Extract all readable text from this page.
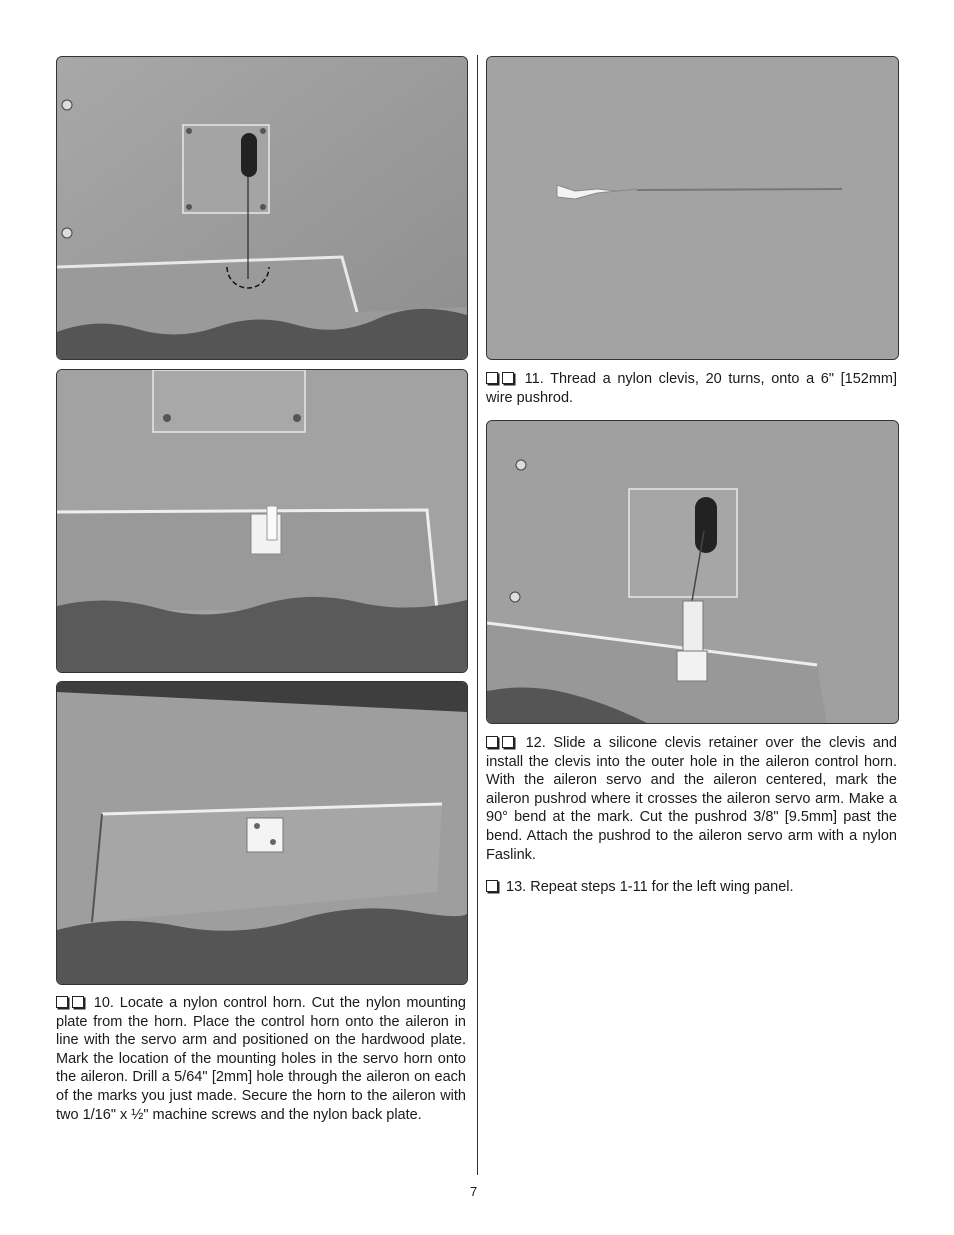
10. Locate a nylon control horn. Cut the nylon mounting plate from the horn. Place the control horn onto the aileron in line with the servo arm and positioned on the hardwood plate. Mark the location of the mounting holes in the servo horn onto the aileron. Drill a 5/64" [2mm] hole through the aileron on each of the marks you just made. Secure the horn to the aileron with two 1/16" x ½" machine screws and the nylon back plate.

11. Thread a nylon clevis, 20 turns, onto a 6" [152mm] wire pushrod.

12. Slide a silicone clevis retainer over the clevis and install the clevis into the outer hole in the aileron control horn. With the aileron servo and the aileron centered, mark the aileron pushrod where it crosses the aileron servo arm. Make a 90° bend at the mark. Cut the pushrod 3/8" [9.5mm] past the bend. Attach the pushrod to the aileron servo arm with a nylon Faslink.

13. Repeat steps 1-11 for the left wing panel.

7
